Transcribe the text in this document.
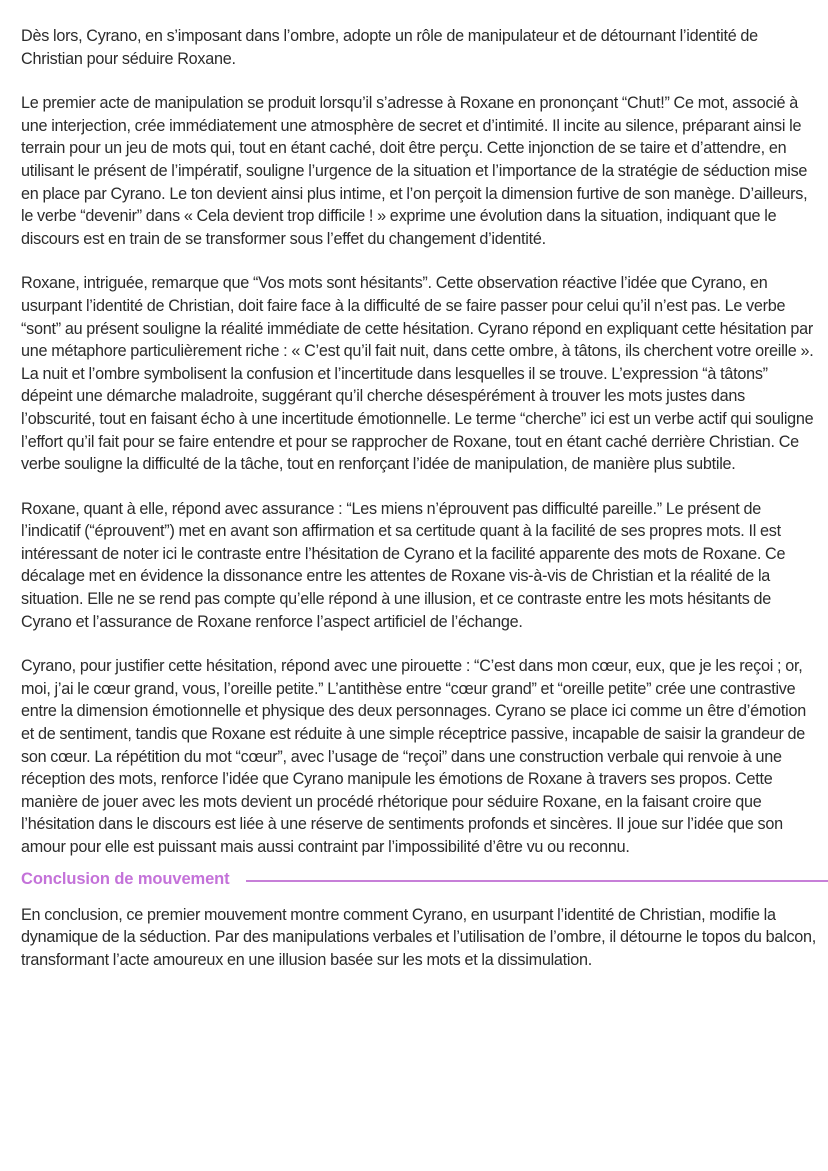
Dès lors, Cyrano, en s’imposant dans l’ombre, adopte un rôle de manipulateur et de détournant l’identité de Christian pour séduire Roxane.

Le premier acte de manipulation se produit lorsqu’il s’adresse à Roxane en prononçant “Chut!” Ce mot, associé à une interjection, crée immédiatement une atmosphère de secret et d’intimité. Il incite au silence, préparant ainsi le terrain pour un jeu de mots qui, tout en étant caché, doit être perçu. Cette injonction de se taire et d’attendre, en utilisant le présent de l’impératif, souligne l’urgence de la situation et l’importance de la stratégie de séduction mise en place par Cyrano. Le ton devient ainsi plus intime, et l’on perçoit la dimension furtive de son manège. D’ailleurs, le verbe “devenir” dans « Cela devient trop difficile ! » exprime une évolution dans la situation, indiquant que le discours est en train de se transformer sous l’effet du changement d’identité.

Roxane, intriguée, remarque que “Vos mots sont hésitants”. Cette observation réactive l’idée que Cyrano, en usurpant l’identité de Christian, doit faire face à la difficulté de se faire passer pour celui qu’il n’est pas. Le verbe “sont” au présent souligne la réalité immédiate de cette hésitation. Cyrano répond en expliquant cette hésitation par une métaphore particulièrement riche : « C’est qu’il fait nuit, dans cette ombre, à tâtons, ils cherchent votre oreille ». La nuit et l’ombre symbolisent la confusion et l’incertitude dans lesquelles il se trouve. L’expression “à tâtons” dépeint une démarche maladroite, suggérant qu’il cherche désespérément à trouver les mots justes dans l’obscurité, tout en faisant écho à une incertitude émotionnelle. Le terme “cherche” ici est un verbe actif qui souligne l’effort qu’il fait pour se faire entendre et pour se rapprocher de Roxane, tout en étant caché derrière Christian. Ce verbe souligne la difficulté de la tâche, tout en renforçant l’idée de manipulation, de manière plus subtile.

Roxane, quant à elle, répond avec assurance : “Les miens n’éprouvent pas difficulté pareille.” Le présent de l’indicatif (“éprouvent”) met en avant son affirmation et sa certitude quant à la facilité de ses propres mots. Il est intéressant de noter ici le contraste entre l’hésitation de Cyrano et la facilité apparente des mots de Roxane. Ce décalage met en évidence la dissonance entre les attentes de Roxane vis-à-vis de Christian et la réalité de la situation. Elle ne se rend pas compte qu’elle répond à une illusion, et ce contraste entre les mots hésitants de Cyrano et l’assurance de Roxane renforce l’aspect artificiel de l’échange.

Cyrano, pour justifier cette hésitation, répond avec une pirouette : “C’est dans mon cœur, eux, que je les reçoi ; or, moi, j’ai le cœur grand, vous, l’oreille petite.” L’antithèse entre “cœur grand” et “oreille petite” crée une contrastive entre la dimension émotionnelle et physique des deux personnages. Cyrano se place ici comme un être d’émotion et de sentiment, tandis que Roxane est réduite à une simple réceptrice passive, incapable de saisir la grandeur de son cœur. La répétition du mot “cœur”, avec l’usage de “reçoi” dans une construction verbale qui renvoie à une réception des mots, renforce l’idée que Cyrano manipule les émotions de Roxane à travers ses propos. Cette manière de jouer avec les mots devient un procédé rhétorique pour séduire Roxane, en la faisant croire que l’hésitation dans le discours est liée à une réserve de sentiments profonds et sincères. Il joue sur l’idée que son amour pour elle est puissant mais aussi contraint par l’impossibilité d’être vu ou reconnu.

Conclusion de mouvement

En conclusion, ce premier mouvement montre comment Cyrano, en usurpant l’identité de Christian, modifie la dynamique de la séduction. Par des manipulations verbales et l’utilisation de l’ombre, il détourne le topos du balcon, transformant l’acte amoureux en une illusion basée sur les mots et la dissimulation.
